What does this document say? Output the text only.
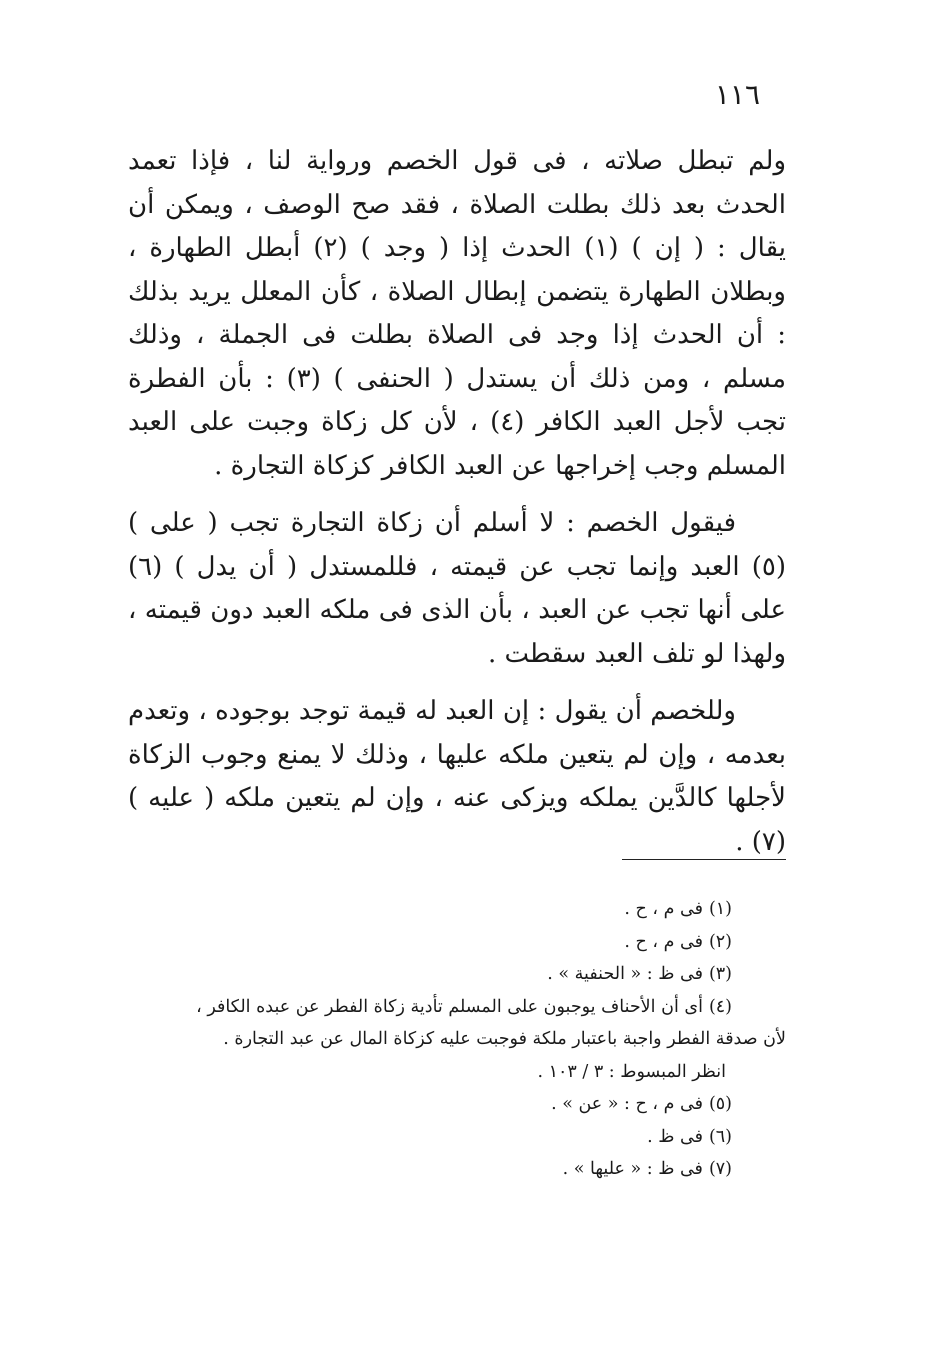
١١٦

ولم تبطل صلاته ، فى قول الخصم ورواية لنا ، فإذا تعمد الحدث بعد ذلك بطلت الصلاة ، فقد صح الوصف ، ويمكن أن يقال : ( إن ) (١) الحدث إذا ( وجد ) (٢) أبطل الطهارة ، وبطلان الطهارة يتضمن إبطال الصلاة ، كأن المعلل يريد بذلك : أن الحدث إذا وجد فى الصلاة بطلت فى الجملة ، وذلك مسلم ، ومن ذلك أن يستدل ( الحنفى ) (٣) : بأن الفطرة تجب لأجل العبد الكافر (٤) ، لأن كل زكاة وجبت على العبد المسلم وجب إخراجها عن العبد الكافر كزكاة التجارة .

فيقول الخصم : لا أسلم أن زكاة التجارة تجب ( على ) (٥) العبد وإنما تجب عن قيمته ، فللمستدل ( أن يدل ) (٦) على أنها تجب عن العبد ، بأن الذى فى ملكه العبد دون قيمته ، ولهذا لو تلف العبد سقطت .

وللخصم أن يقول : إن العبد له قيمة توجد بوجوده ، وتعدم بعدمه ، وإن لم يتعين ملكه عليها ، وذلك لا يمنع وجوب الزكاة لأجلها كالدَّين يملكه ويزكى عنه ، وإن لم يتعين ملكه ( عليه ) (٧) .

(١)فى م ، ح .
(٢)فى م ، ح .
(٣)فى ظ : « الحنفية » .
(٤)أى أن الأحناف يوجبون على المسلم تأدية زكاة الفطر عن عبده الكافر ،
لأن صدقة الفطر واجبة باعتبار ملكة فوجبت عليه كزكاة المال عن عبد التجارة .
انظر المبسوط : ٣ / ١٠٣ .
(٥)فى م ، ح : « عن » .
(٦)فى ظ .
(٧)فى ظ : « عليها » .
